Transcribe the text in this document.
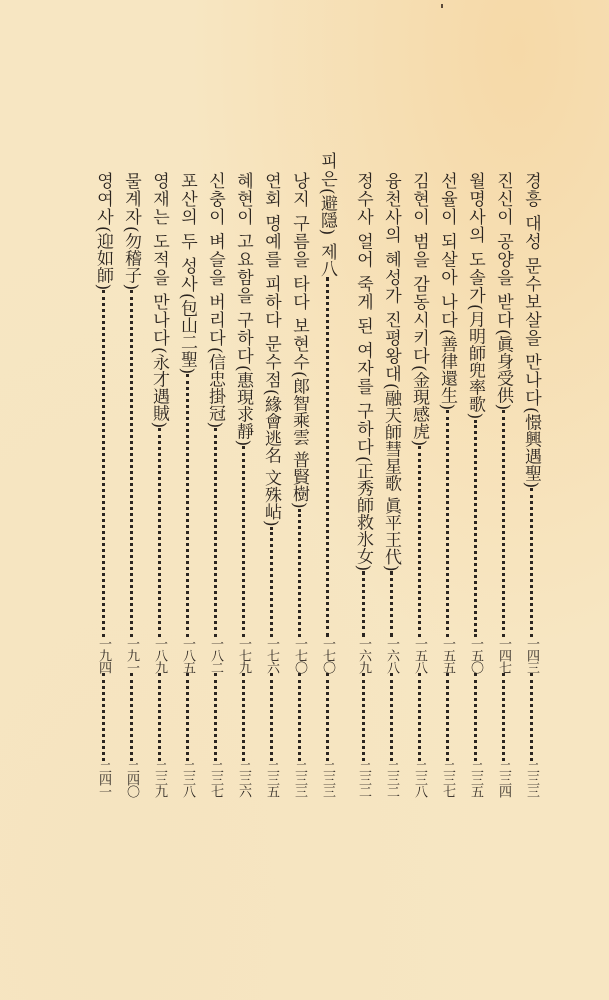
경흥 대성 문수보살을 만나다
(憬興遇聖)
一四三
二三三
진신이 공양을 받다
(眞身受供)
一四七
二三四
월명사의 도솔가
(月明師兜率歌)
一五〇
二三五
선율이 되살아 나다
(善律還生)
一五五
二三七
김현이 범을 감동시키다
(金現感虎)
一五八
二三八
융천사의 혜성가 진평왕대
(融天師彗星歌 眞平王代)
一六八
二三二
정수사 얼어 죽게 된 여자를 구하다
(正秀師救氷女)
一六九
二三二
피은
(避隱)
제八
一七〇
二三三
낭지 구름을 타다 보현수
(郞智乘雲 普賢樹)
一七〇
二三三
연회 명예를 피하다 문수점
(緣會逃名 文殊岾)
一七六
二三五
혜현이 고요함을 구하다
(惠現求靜)
一七九
二三六
신충이 벼슬을 버리다
(信忠掛冠)
一八二
二三七
포산의 두 성사
(包山二聖)
一八五
二三八
영재는 도적을 만나다
(永才遇賊)
一八九
二三九
물계자
(勿稽子)
一九一
二四〇
영여사
(迎如師)
一九四
二四一
